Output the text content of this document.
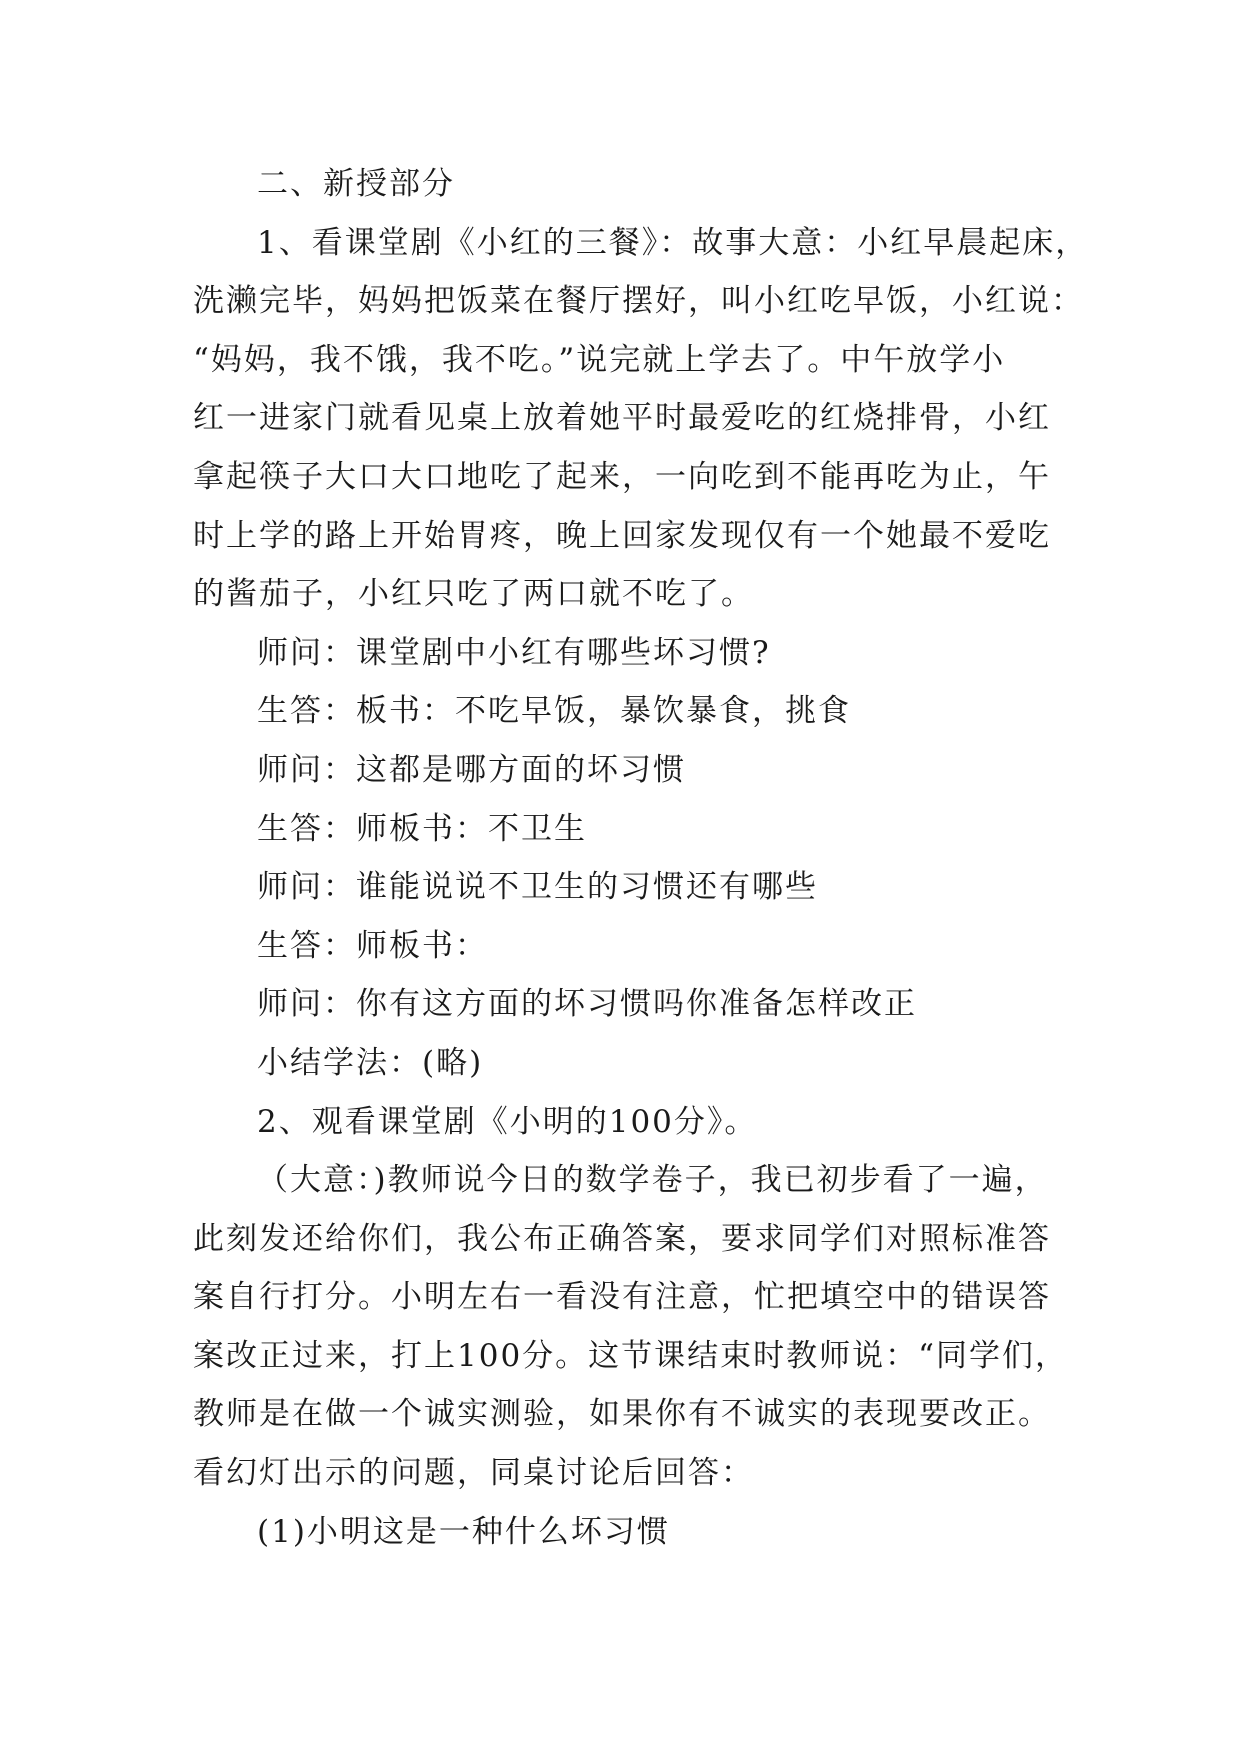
二、新授部分
1、看课堂剧《小红的三餐》：故事大意：小红早晨起床，
洗濑完毕，妈妈把饭菜在餐厅摆好，叫小红吃早饭，小红说：
“妈妈，我不饿，我不吃。”说完就上学去了。中午放学小
红一进家门就看见桌上放着她平时最爱吃的红烧排骨，小红
拿起筷子大口大口地吃了起来，一向吃到不能再吃为止，午
时上学的路上开始胃疼，晚上回家发现仅有一个她最不爱吃
的酱茄子，小红只吃了两口就不吃了。
师问：课堂剧中小红有哪些坏习惯?
生答：板书：不吃早饭，暴饮暴食，挑食
师问：这都是哪方面的坏习惯
生答：师板书：不卫生
师问：谁能说说不卫生的习惯还有哪些
生答：师板书：
师问：你有这方面的坏习惯吗你准备怎样改正
小结学法：(略)
2、观看课堂剧《小明的100分》。
（大意：)教师说今日的数学卷子，我已初步看了一遍，
此刻发还给你们，我公布正确答案，要求同学们对照标准答
案自行打分。小明左右一看没有注意，忙把填空中的错误答
案改正过来，打上100分。这节课结束时教师说：“同学们，
教师是在做一个诚实测验，如果你有不诚实的表现要改正。
看幻灯出示的问题，同桌讨论后回答：
(1)小明这是一种什么坏习惯
